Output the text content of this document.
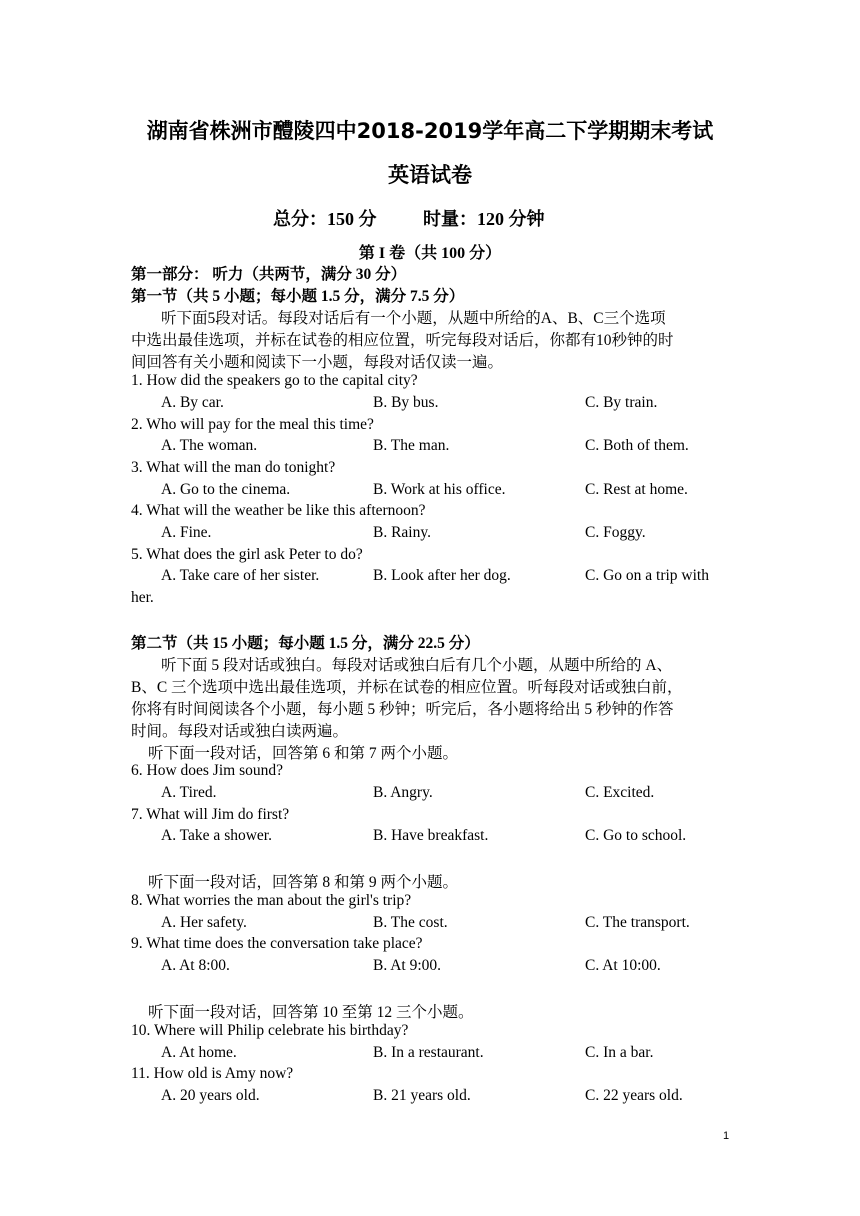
湖南省株洲市醴陵四中2018-2019学年高二下学期期末考试
英语试卷
总分：150 分	时量：120 分钟
第 I 卷（共 100 分）
第一部分： 听力（共两节，满分 30 分）
第一节（共 5 小题；每小题 1.5 分，满分 7.5 分）
听下面5段对话。每段对话后有一个小题，从题中所给的A、B、C三个选项
中选出最佳选项，并标在试卷的相应位置，听完每段对话后，你都有10秒钟的时
间回答有关小题和阅读下一小题，每段对话仅读一遍。
1. How did the speakers go to the capital city?
A. By car.	B. By bus.	C. By train.
2. Who will pay for the meal this time?
A. The woman.	B. The man.	C. Both of them.
3. What will the man do tonight?
A. Go to the cinema.	B. Work at his office.	C. Rest at home.
4. What will the weather be like this afternoon?
A. Fine.	B. Rainy.	C. Foggy.
5. What does the girl ask Peter to do?
A. Take care of her sister.	B. Look after her dog.	C. Go on a trip with
her.
第二节（共 15 小题；每小题 1.5 分，满分 22.5 分）
听下面 5 段对话或独白。每段对话或独白后有几个小题，从题中所给的 A、
B、C 三个选项中选出最佳选项，并标在试卷的相应位置。听每段对话或独白前，
你将有时间阅读各个小题，每小题 5 秒钟；听完后，各小题将给出 5 秒钟的作答
时间。每段对话或独白读两遍。
听下面一段对话，回答第 6 和第 7 两个小题。
6. How does Jim sound?
A. Tired.	B. Angry.	C. Excited.
7. What will Jim do first?
A. Take a shower.	B. Have breakfast.	C. Go to school.
听下面一段对话，回答第 8 和第 9 两个小题。
8. What worries the man about the girl's trip?
A. Her safety.	B. The cost.	C. The transport.
9. What time does the conversation take place?
A. At 8:00.	B. At 9:00.	C. At 10:00.
听下面一段对话，回答第 10 至第 12 三个小题。
10. Where will Philip celebrate his birthday?
A. At home.	B. In a restaurant.	C. In a bar.
11. How old is Amy now?
A. 20 years old.	B. 21 years old.	C. 22 years old.
1
